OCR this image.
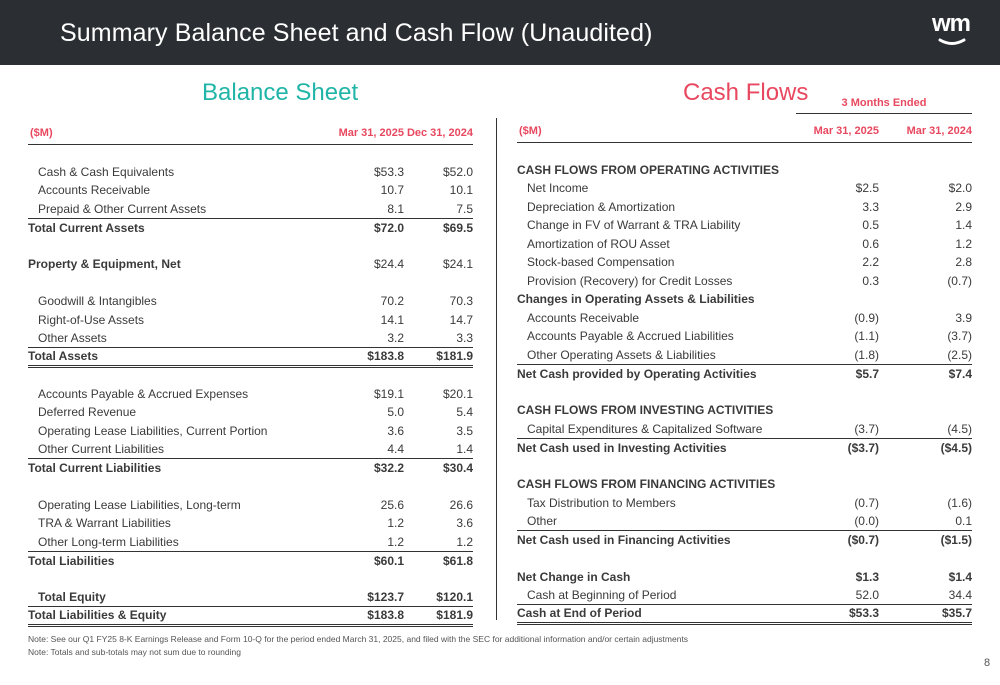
Summary Balance Sheet and Cash Flow (Unaudited)	wm
Balance Sheet	Cash Flows	3 Months Ended
($M)	Mar 31, 2025	Dec 31, 2024

Cash & Cash Equivalents	$53.3	$52.0
Accounts Receivable	10.7	10.1
Prepaid & Other Current Assets	8.1	7.5
Total Current Assets	$72.0	$69.5

Property & Equipment, Net	$24.4	$24.1

Goodwill & Intangibles	70.2	70.3
Right-of-Use Assets	14.1	14.7
Other Assets	3.2	3.3
Total Assets	$183.8	$181.9

Accounts Payable & Accrued Expenses	$19.1	$20.1
Deferred Revenue	5.0	5.4
Operating Lease Liabilities, Current Portion	3.6	3.5
Other Current Liabilities	4.4	1.4
Total Current Liabilities	$32.2	$30.4

Operating Lease Liabilities, Long-term	25.6	26.6
TRA & Warrant Liabilities	1.2	3.6
Other Long-term Liabilities	1.2	1.2
Total Liabilities	$60.1	$61.8

Total Equity	$123.7	$120.1
Total Liabilities & Equity	$183.8	$181.9
($M)	Mar 31, 2025	Mar 31, 2024

CASH FLOWS FROM OPERATING ACTIVITIES		
Net Income	$2.5	$2.0
Depreciation & Amortization	3.3	2.9
Change in FV of Warrant & TRA Liability	0.5	1.4
Amortization of ROU Asset	0.6	1.2
Stock-based Compensation	2.2	2.8
Provision (Recovery) for Credit Losses	0.3	(0.7)
Changes in Operating Assets & Liabilities		
Accounts Receivable	(0.9)	3.9
Accounts Payable & Accrued Liabilities	(1.1)	(3.7)
Other Operating Assets & Liabilities	(1.8)	(2.5)
Net Cash provided by Operating Activities	$5.7	$7.4

CASH FLOWS FROM INVESTING ACTIVITIES		
Capital Expenditures & Capitalized Software	(3.7)	(4.5)
Net Cash used in Investing Activities	($3.7)	($4.5)

CASH FLOWS FROM FINANCING ACTIVITIES		
Tax Distribution to Members	(0.7)	(1.6)
Other	(0.0)	0.1
Net Cash used in Financing Activities	($0.7)	($1.5)

Net Change in Cash	$1.3	$1.4
Cash at Beginning of Period	52.0	34.4
Cash at End of Period	$53.3	$35.7
Note: See our Q1 FY25 8-K Earnings Release and Form 10-Q for the period ended March 31, 2025, and filed with the SEC for additional information and/or certain adjustments
Note: Totals and sub-totals may not sum due to rounding
8
